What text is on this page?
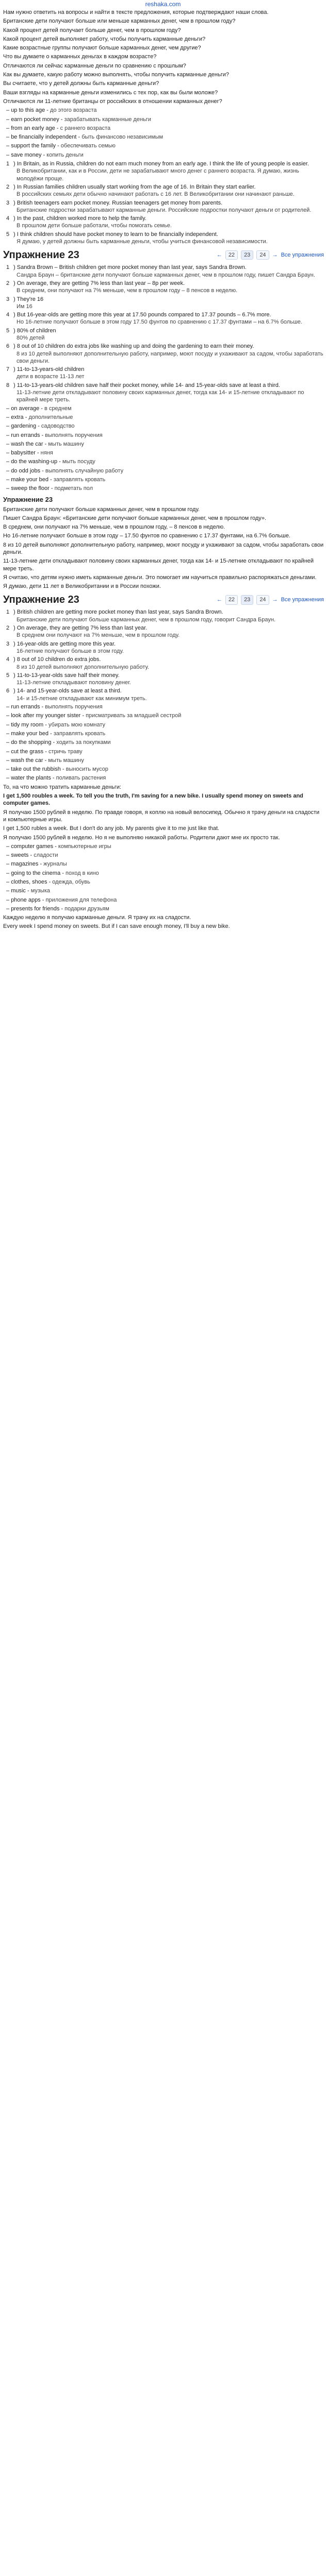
reshaka.com

Нам нужно ответить на вопросы и найти в тексте предложения, которые подтверждают наши слова.

Британские дети получают больше или меньше карманных денег, чем в прошлом году?

Какой процент детей получает больше денег, чем в прошлом году?

Какой процент детей выполняет работу, чтобы получить карманные деньги?

Какие возрастные группы получают больше карманных денег, чем другие?

Что вы думаете о карманных деньгах в каждом возрасте?

Отличаются ли сейчас карманные деньги по сравнению с прошлым?

Как вы думаете, какую работу можно выполнять, чтобы получить карманные деньги?

Вы считаете, что у детей должны быть карманные деньги?

Ваши взгляды на карманные деньги изменились с тех пор, как вы были моложе?

Отличаются ли 11-летние британцы от российских в отношении карманных денег?

– up to this age - до этого возраста
– earn pocket money - зарабатывать карманные деньги
– from an early age - с раннего возраста
– be financially independent - быть финансово независимым
– support the family - обеспечивать семью
– save money - копить деньги
1 ) In Britain, as in Russia, children do not earn much money from an early age. I think the life of young people is easier.
В Великобритании, как и в России, дети не зарабатывают много денег с раннего возраста. Я думаю, жизнь молодёжи проще.
2 ) In Russian families children usually start working from the age of 16. In Britain they start earlier.
В российских семьях дети обычно начинают работать с 16 лет. В Великобритании они начинают раньше.
3 ) British teenagers earn pocket money. Russian teenagers get money from parents.
Британские подростки зарабатывают карманные деньги. Российские подростки получают деньги от родителей.
4 ) In the past, children worked more to help the family.
В прошлом дети больше работали, чтобы помогать семье.
5 ) I think children should have pocket money to learn to be financially independent.
Я думаю, у детей должны быть карманные деньги, чтобы учиться финансовой независимости.
Упражнение 23	←	22	23	24	→ Все упражнения
1 ) Sandra Brown – British children get more pocket money than last year, says Sandra Brown.
Сандра Браун – британские дети получают больше карманных денег, чем в прошлом году, пишет Сандра Браун.
2 ) On average, they are getting 7% less than last year – 8p per week.
В среднем, они получают на 7% меньше, чем в прошлом году – 8 пенсов в неделю.
3 ) They're 16
Им 16
4 ) But 16-year-olds are getting more this year at 17.50 pounds compared to 17.37 pounds – 6.7% more.
Но 16-летние получают больше в этом году 17.50 фунтов по сравнению с 17.37 фунтами – на 6.7% больше.
5 ) 80% of children
80% детей
6 ) 8 out of 10 children do extra jobs like washing up and doing the gardening to earn their money.
8 из 10 детей выполняют дополнительную работу, например, моют посуду и ухаживают за садом, чтобы заработать свои деньги.
7 ) 11-to-13-years-old children
дети в возрасте 11-13 лет
8 ) 11-to-13-years-old children save half their pocket money, while 14- and 15-year-olds save at least a third.
11-13-летние дети откладывают половину своих карманных денег, тогда как 14- и 15-летние откладывают по крайней мере треть.
– on average - в среднем
– extra - дополнительные
– gardening - садоводство
– run errands - выполнять поручения
– wash the car - мыть машину
– babysitter - няня
– do the washing-up - мыть посуду
– do odd jobs - выполнять случайную работу
– make your bed - заправлять кровать
– sweep the floor - подметать пол
Упражнение 23

Британские дети получают больше карманных денег, чем в прошлом году.

Пишет Сандра Браун: «Британские дети получают больше карманных денег, чем в прошлом году».

В среднем, они получают на 7% меньше, чем в прошлом году, – 8 пенсов в неделю.

Но 16-летние получают больше в этом году – 17.50 фунтов по сравнению с 17.37 фунтами, на 6.7% больше.

8 из 10 детей выполняют дополнительную работу, например, моют посуду и ухаживают за садом, чтобы заработать свои деньги.

11-13-летние дети откладывают половину своих карманных денег, тогда как 14- и 15-летние откладывают по крайней мере треть.

Я считаю, что детям нужно иметь карманные деньги. Это помогает им научиться правильно распоряжаться деньгами.

Я думаю, дети 11 лет в Великобритании и в России похожи.

Упражнение 23	←	22	23	24	→ Все упражнения
1 ) British children are getting more pocket money than last year, says Sandra Brown.
Британские дети получают больше карманных денег, чем в прошлом году, говорит Сандра Браун.
2 ) On average, they are getting 7% less than last year.
В среднем они получают на 7% меньше, чем в прошлом году.
3 ) 16-year-olds are getting more this year.
16-летние получают больше в этом году.
4 ) 8 out of 10 children do extra jobs.
8 из 10 детей выполняют дополнительную работу.
5 ) 11-to-13-year-olds save half their money.
11-13-летние откладывают половину денег.
6 ) 14- and 15-year-olds save at least a third.
14- и 15-летние откладывают как минимум треть.
– run errands - выполнять поручения
– look after my younger sister - присматривать за младшей сестрой
– tidy my room - убирать мою комнату
– make your bed - заправлять кровать
– do the shopping - ходить за покупками
– cut the grass - стричь траву
– wash the car - мыть машину
– take out the rubbish - выносить мусор
– water the plants - поливать растения

То, на что можно тратить карманные деньги:

I get 1,500 roubles a week. To tell you the truth, I'm saving for a new bike. I usually spend money on sweets and computer games.

Я получаю 1500 рублей в неделю. По правде говоря, я коплю на новый велосипед. Обычно я трачу деньги на сладости и компьютерные игры.

I get 1,500 rubles a week. But I don't do any job. My parents give it to me just like that.

Я получаю 1500 рублей в неделю. Но я не выполняю никакой работы. Родители дают мне их просто так.

– computer games - компьютерные игры
– sweets - сладости
– magazines - журналы
– going to the cinema - поход в кино
– clothes, shoes - одежда, обувь
– music - музыка
– phone apps - приложения для телефона
– presents for friends - подарки друзьям

Каждую неделю я получаю карманные деньги. Я трачу их на сладости.

Every week I spend money on sweets. But if I can save enough money, I'll buy a new bike.
